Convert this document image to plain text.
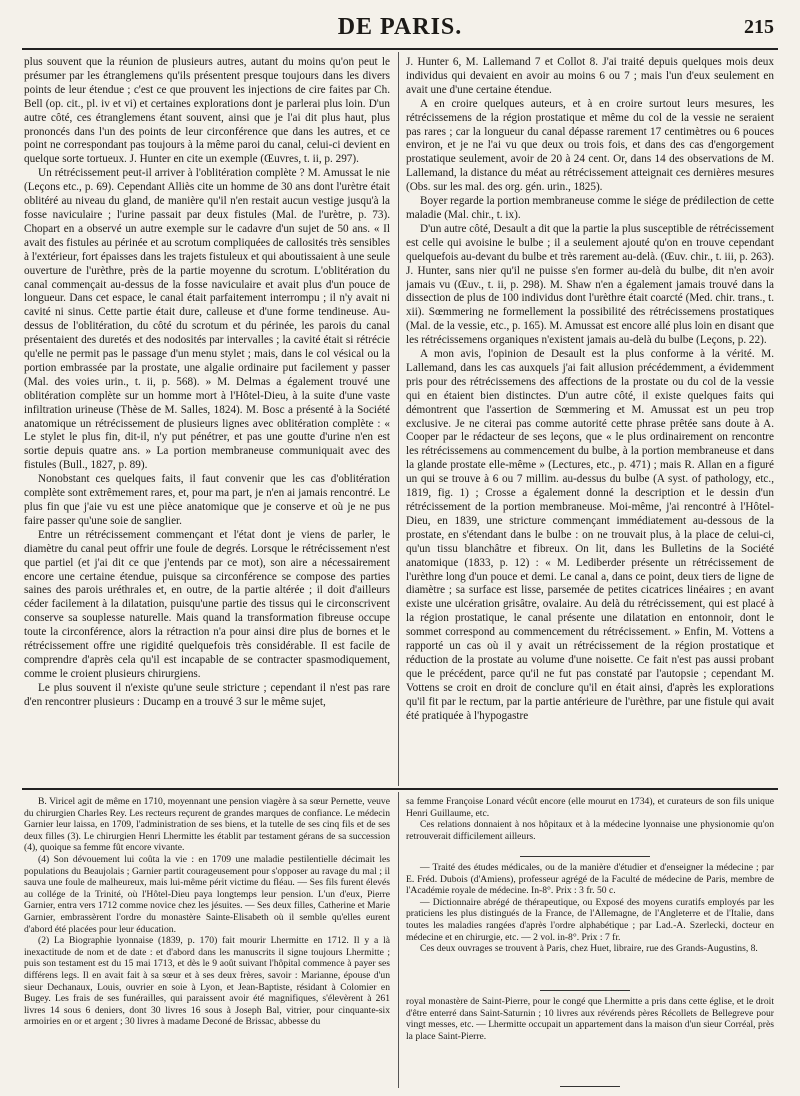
DE PARIS.	215

plus souvent que la réunion de plusieurs autres, autant du moins qu'on peut le présumer par les étranglemens qu'ils présentent presque toujours dans les divers points de leur étendue ; c'est ce que prouvent les injections de cire faites par Ch. Bell (op. cit., pl. iv et vi) et certaines explorations dont je parlerai plus loin. D'un autre côté, ces étranglemens étant souvent, ainsi que je l'ai dit plus haut, plus prononcés dans l'un des points de leur circonférence que dans les autres, et ce point ne correspondant pas toujours à la même paroi du canal, celui-ci devient en quelque sorte tortueux. J. Hunter en cite un exemple (Œuvres, t. ii, p. 297).

Un rétrécissement peut-il arriver à l'oblitération complète ? M. Amussat le nie (Leçons etc., p. 69). Cependant Alliès cite un homme de 30 ans dont l'urètre était oblitéré au niveau du gland, de manière qu'il n'en restait aucun vestige jusqu'à la fosse naviculaire ; l'urine passait par deux fistules (Mal. de l'urètre, p. 73). Chopart en a observé un autre exemple sur le cadavre d'un sujet de 50 ans. « Il avait des fistules au périnée et au scrotum compliquées de callosités très sensibles à l'extérieur, fort épaisses dans les trajets fistuleux et qui aboutissaient à une seule ouverture de l'urèthre, près de la partie moyenne du scrotum. L'oblitération du canal commençait au-dessus de la fosse naviculaire et avait plus d'un pouce de longueur. Dans cet espace, le canal était parfaitement interrompu ; il n'y avait ni cavité ni sinus. Cette partie était dure, calleuse et d'une forme tendineuse. Au-dessus de l'oblitération, du côté du scrotum et du périnée, les parois du canal présentaient des duretés et des nodosités par intervalles ; la cavité était si rétrécie qu'elle ne permit pas le passage d'un menu stylet ; mais, dans le col vésical ou la portion embrassée par la prostate, une algalie ordinaire put facilement y passer (Mal. des voies urin., t. ii, p. 568). » M. Delmas a également trouvé une oblitération complète sur un homme mort à l'Hôtel-Dieu, à la suite d'une vaste infiltration urineuse (Thèse de M. Salles, 1824). M. Bosc a présenté à la Société anatomique un rétrécissement de plusieurs lignes avec oblitération complète : « Le stylet le plus fin, dit-il, n'y put pénétrer, et pas une goutte d'urine n'en est sortie depuis quatre ans. » La portion membraneuse communiquait avec des fistules (Bull., 1827, p. 89).

Nonobstant ces quelques faits, il faut convenir que les cas d'oblitération complète sont extrêmement rares, et, pour ma part, je n'en ai jamais rencontré. Le plus fin que j'aie vu est une pièce anatomique que je conserve et où je ne pus faire passer qu'une soie de sanglier.

Entre un rétrécissement commençant et l'état dont je viens de parler, le diamètre du canal peut offrir une foule de degrés. Lorsque le rétrécissement n'est que partiel (et j'ai dit ce que j'entends par ce mot), son aire a nécessairement encore une certaine étendue, puisque sa circonférence se compose des parties saines des parois uréthrales et, en outre, de la partie altérée ; il doit d'ailleurs céder facilement à la dilatation, puisqu'une partie des tissus qui le circonscrivent conserve sa souplesse naturelle. Mais quand la transformation fibreuse occupe toute la circonférence, alors la rétraction n'a pour ainsi dire plus de bornes et le rétrécissement offre une rigidité quelquefois très considérable. Il est facile de comprendre d'après cela qu'il est incapable de se contracter spasmodiquement, comme le croient plusieurs chirurgiens.

Le plus souvent il n'existe qu'une seule stricture ; cependant il n'est pas rare d'en rencontrer plusieurs : Ducamp en a trouvé 3 sur le même sujet,

J. Hunter 6, M. Lallemand 7 et Collot 8. J'ai traité depuis quelques mois deux individus qui devaient en avoir au moins 6 ou 7 ; mais l'un d'eux seulement en avait une d'une certaine étendue.

A en croire quelques auteurs, et à en croire surtout leurs mesures, les rétrécissemens de la région prostatique et même du col de la vessie ne seraient pas rares ; car la longueur du canal dépasse rarement 17 centimètres ou 6 pouces environ, et je ne l'ai vu que deux ou trois fois, et dans des cas d'engorgement prostatique seulement, avoir de 20 à 24 cent. Or, dans 14 des observations de M. Lallemand, la distance du méat au rétrécissement atteignait ces dernières mesures (Obs. sur les mal. des org. gén. urin., 1825).

Boyer regarde la portion membraneuse comme le siége de prédilection de cette maladie (Mal. chir., t. ix).

D'un autre côté, Desault a dit que la partie la plus susceptible de rétrécissement est celle qui avoisine le bulbe ; il a seulement ajouté qu'on en trouve cependant quelquefois au-devant du bulbe et très rarement au-delà. (Œuv. chir., t. iii, p. 263). J. Hunter, sans nier qu'il ne puisse s'en former au-delà du bulbe, dit n'en avoir jamais vu (Œuv., t. ii, p. 298). M. Shaw n'en a également jamais trouvé dans la dissection de plus de 100 individus dont l'urèthre était coarcté (Med. chir. trans., t. xii). Sœmmering ne formellement la possibilité des rétrécissemens prostatiques (Mal. de la vessie, etc., p. 165). M. Amussat est encore allé plus loin en disant que les rétrécissemens organiques n'existent jamais au-delà du bulbe (Leçons, p. 22).

A mon avis, l'opinion de Desault est la plus conforme à la vérité. M. Lallemand, dans les cas auxquels j'ai fait allusion précédemment, a évidemment pris pour des rétrécissemens des affections de la prostate ou du col de la vessie qui en étaient bien distinctes. D'un autre côté, il existe quelques faits qui démontrent que l'assertion de Sœmmering et M. Amussat est un peu trop exclusive. Je ne citerai pas comme autorité cette phrase prêtée sans doute à A. Cooper par le rédacteur de ses leçons, que « le plus ordinairement on rencontre les rétrécissemens au commencement du bulbe, à la portion membraneuse et dans la glande prostate elle-même » (Lectures, etc., p. 471) ; mais R. Allan en a figuré un qui se trouve à 6 ou 7 millim. au-dessus du bulbe (A syst. of pathology, etc., 1819, fig. 1) ; Crosse a également donné la description et le dessin d'un rétrécissement de la portion membraneuse. Moi-même, j'ai rencontré à l'Hôtel-Dieu, en 1839, une stricture commençant immédiatement au-dessous de la prostate, en s'étendant dans le bulbe : on ne trouvait plus, à la place de celui-ci, qu'un tissu blanchâtre et fibreux. On lit, dans les Bulletins de la Société anatomique (1833, p. 12) : « M. Lediberder présente un rétrécissement de l'urèthre long d'un pouce et demi. Le canal a, dans ce point, deux tiers de ligne de diamètre ; sa surface est lisse, parsemée de petites cicatrices linéaires ; en avant existe une ulcération grisâtre, ovalaire. Au delà du rétrécissement, qui est placé à la région prostatique, le canal présente une dilatation en entonnoir, dont le sommet correspond au commencement du rétrécissement. » Enfin, M. Vottens a rapporté un cas où il y avait un rétrécissement de la région prostatique et réduction de la prostate au volume d'une noisette. Ce fait n'est pas aussi probant que le précédent, parce qu'il ne fut pas constaté par l'autopsie ; cependant M. Vottens se croit en droit de conclure qu'il en était ainsi, d'après les explorations qu'il fit par le rectum, par la partie antérieure de l'urèthre, par une fistule qui avait été pratiquée à l'hypogastre

B. Viricel agit de même en 1710, moyennant une pension viagère à sa sœur Pernette, veuve du chirurgien Charles Rey. Les recteurs reçurent de grandes marques de confiance. Le médecin Garnier leur laissa, en 1709, l'administration de ses biens, et la tutelle de ses cinq fils et de ses deux filles (3). Le chirurgien Henri Lhermitte les établit par testament gérans de sa succession (4), quoique sa femme fût encore vivante.

(4) Son dévouement lui coûta la vie : en 1709 une maladie pestilentielle décimait les populations du Beaujolais ; Garnier partit courageusement pour s'opposer au ravage du mal ; il sauva une foule de malheureux, mais lui-même périt victime du fléau. — Ses fils furent élevés au collége de la Trinité, où l'Hôtel-Dieu paya longtemps leur pension. L'un d'eux, Pierre Garnier, entra vers 1712 comme novice chez les jésuites. — Ses deux filles, Catherine et Marie Garnier, embrassèrent l'ordre du monastère Sainte-Elisabeth où il semble qu'elles eurent d'abord été placées pour leur éducation.

(2) La Biographie lyonnaise (1839, p. 170) fait mourir Lhermitte en 1712. Il y a là inexactitude de nom et de date : et d'abord dans les manuscrits il signe toujours Lhermitte ; puis son testament est du 15 mai 1713, et dès le 9 août suivant l'hôpital commence à payer ses différens legs. Il en avait fait à sa sœur et à ses deux frères, savoir : Marianne, épouse d'un sieur Dechanaux, Louis, ouvrier en soie à Lyon, et Jean-Baptiste, résidant à Colomier en Bugey. Les frais de ses funérailles, qui paraissent avoir été magnifiques, s'élevèrent à 261 livres 14 sous 6 deniers, dont 30 livres 16 sous à Joseph Bal, vitrier, pour cinquante-six armoiries en or et argent ; 30 livres à madame Deconé de Brissac, abbesse du

sa femme Françoise Lonard vécût encore (elle mourut en 1734), et curateurs de son fils unique Henri Guillaume, etc.

Ces relations donnaient à nos hôpitaux et à la médecine lyonnaise une physionomie qu'on retrouverait difficilement ailleurs.

— Traité des études médicales, ou de la manière d'étudier et d'enseigner la médecine ; par E. Fréd. Dubois (d'Amiens), professeur agrégé de la Faculté de médecine de Paris, membre de l'Académie royale de médecine. In-8°. Prix : 3 fr. 50 c.

— Dictionnaire abrégé de thérapeutique, ou Exposé des moyens curatifs employés par les praticiens les plus distingués de la France, de l'Allemagne, de l'Angleterre et de l'Italie, dans toutes les maladies rangées d'après l'ordre alphabétique ; par Lad.-A. Szerlecki, docteur en médecine et en chirurgie, etc. — 2 vol. in-8°. Prix : 7 fr.

Ces deux ouvrages se trouvent à Paris, chez Huet, libraire, rue des Grands-Augustins, 8.

royal monastère de Saint-Pierre, pour le congé que Lhermitte a pris dans cette église, et le droit d'être enterré dans Saint-Saturnin ; 10 livres aux révérends pères Récollets de Bellegreve pour vingt messes, etc. — Lhermitte occupait un appartement dans la maison d'un sieur Corréal, près la place Saint-Pierre.
